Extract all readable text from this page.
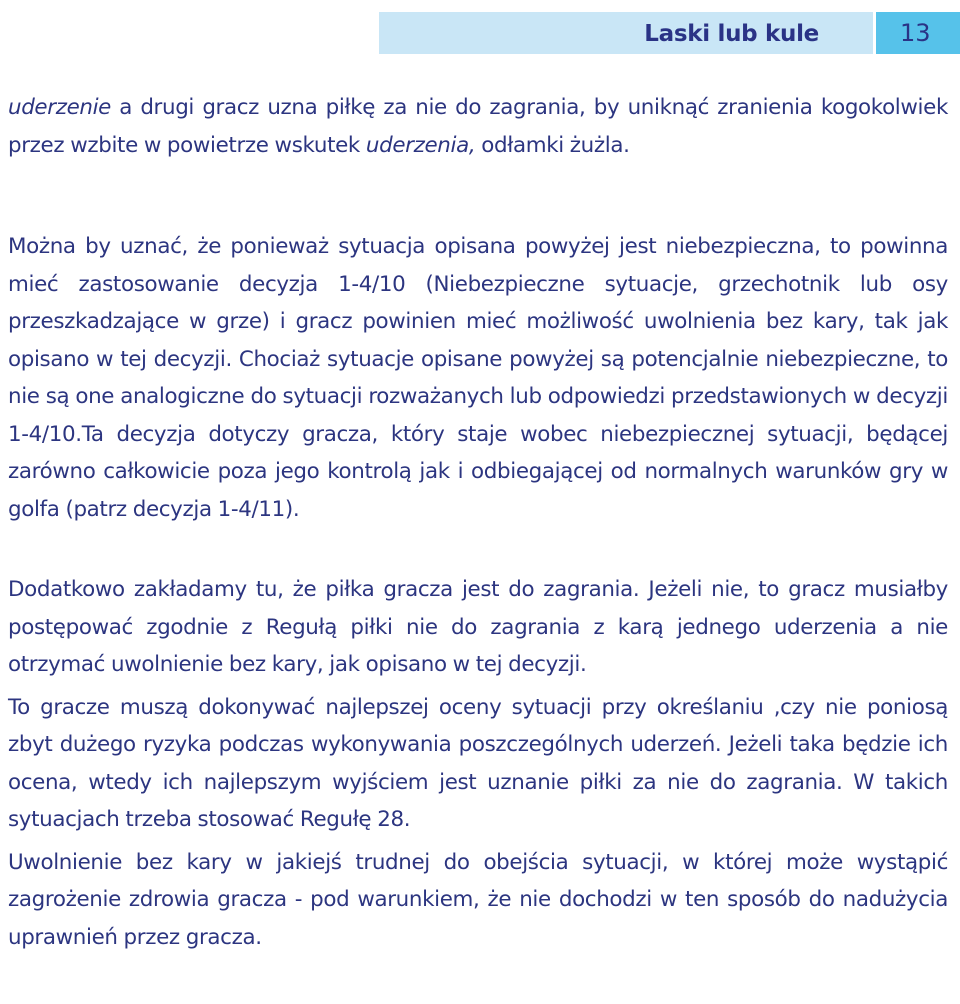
Laski lub kule	13

uderzenie a drugi gracz uzna piłkę za nie do zagrania, by uniknąć zranienia kogokolwiek przez wzbite w powietrze wskutek uderzenia, odłamki żużla.

Można by uznać, że ponieważ sytuacja opisana powyżej jest niebezpieczna, to powinna mieć zastosowanie decyzja 1-4/10 (Niebezpieczne sytuacje, grzechotnik lub osy przeszkadzające w grze) i gracz powinien mieć możliwość uwolnienia bez kary, tak jak opisano w tej decyzji. Chociaż sytuacje opisane powyżej są potencjalnie niebezpieczne, to nie są one analogiczne do sytuacji rozważanych lub odpowiedzi przedstawionych w decyzji 1-4/10.Ta decyzja dotyczy gracza, który staje wobec niebezpiecznej sytuacji, będącej zarówno całkowicie poza jego kontrolą jak i odbiegającej od normalnych warunków gry w golfa (patrz decyzja 1-4/11).

Dodatkowo zakładamy tu, że piłka gracza jest do zagrania. Jeżeli nie, to gracz musiałby postępować zgodnie z Regułą piłki nie do zagrania z karą jednego uderzenia a nie otrzymać uwolnienie bez kary, jak opisano w tej decyzji.

To gracze muszą dokonywać najlepszej oceny sytuacji przy określaniu ,czy nie poniosą zbyt dużego ryzyka podczas wykonywania poszczególnych uderzeń. Jeżeli taka będzie ich ocena, wtedy ich najlepszym wyjściem jest uznanie piłki za nie do zagrania. W takich sytuacjach trzeba stosować Regułę 28.

Uwolnienie bez kary w jakiejś trudnej do obejścia sytuacji, w której może wystąpić zagrożenie zdrowia gracza - pod warunkiem, że nie dochodzi w ten sposób do nadużycia uprawnień przez gracza.
